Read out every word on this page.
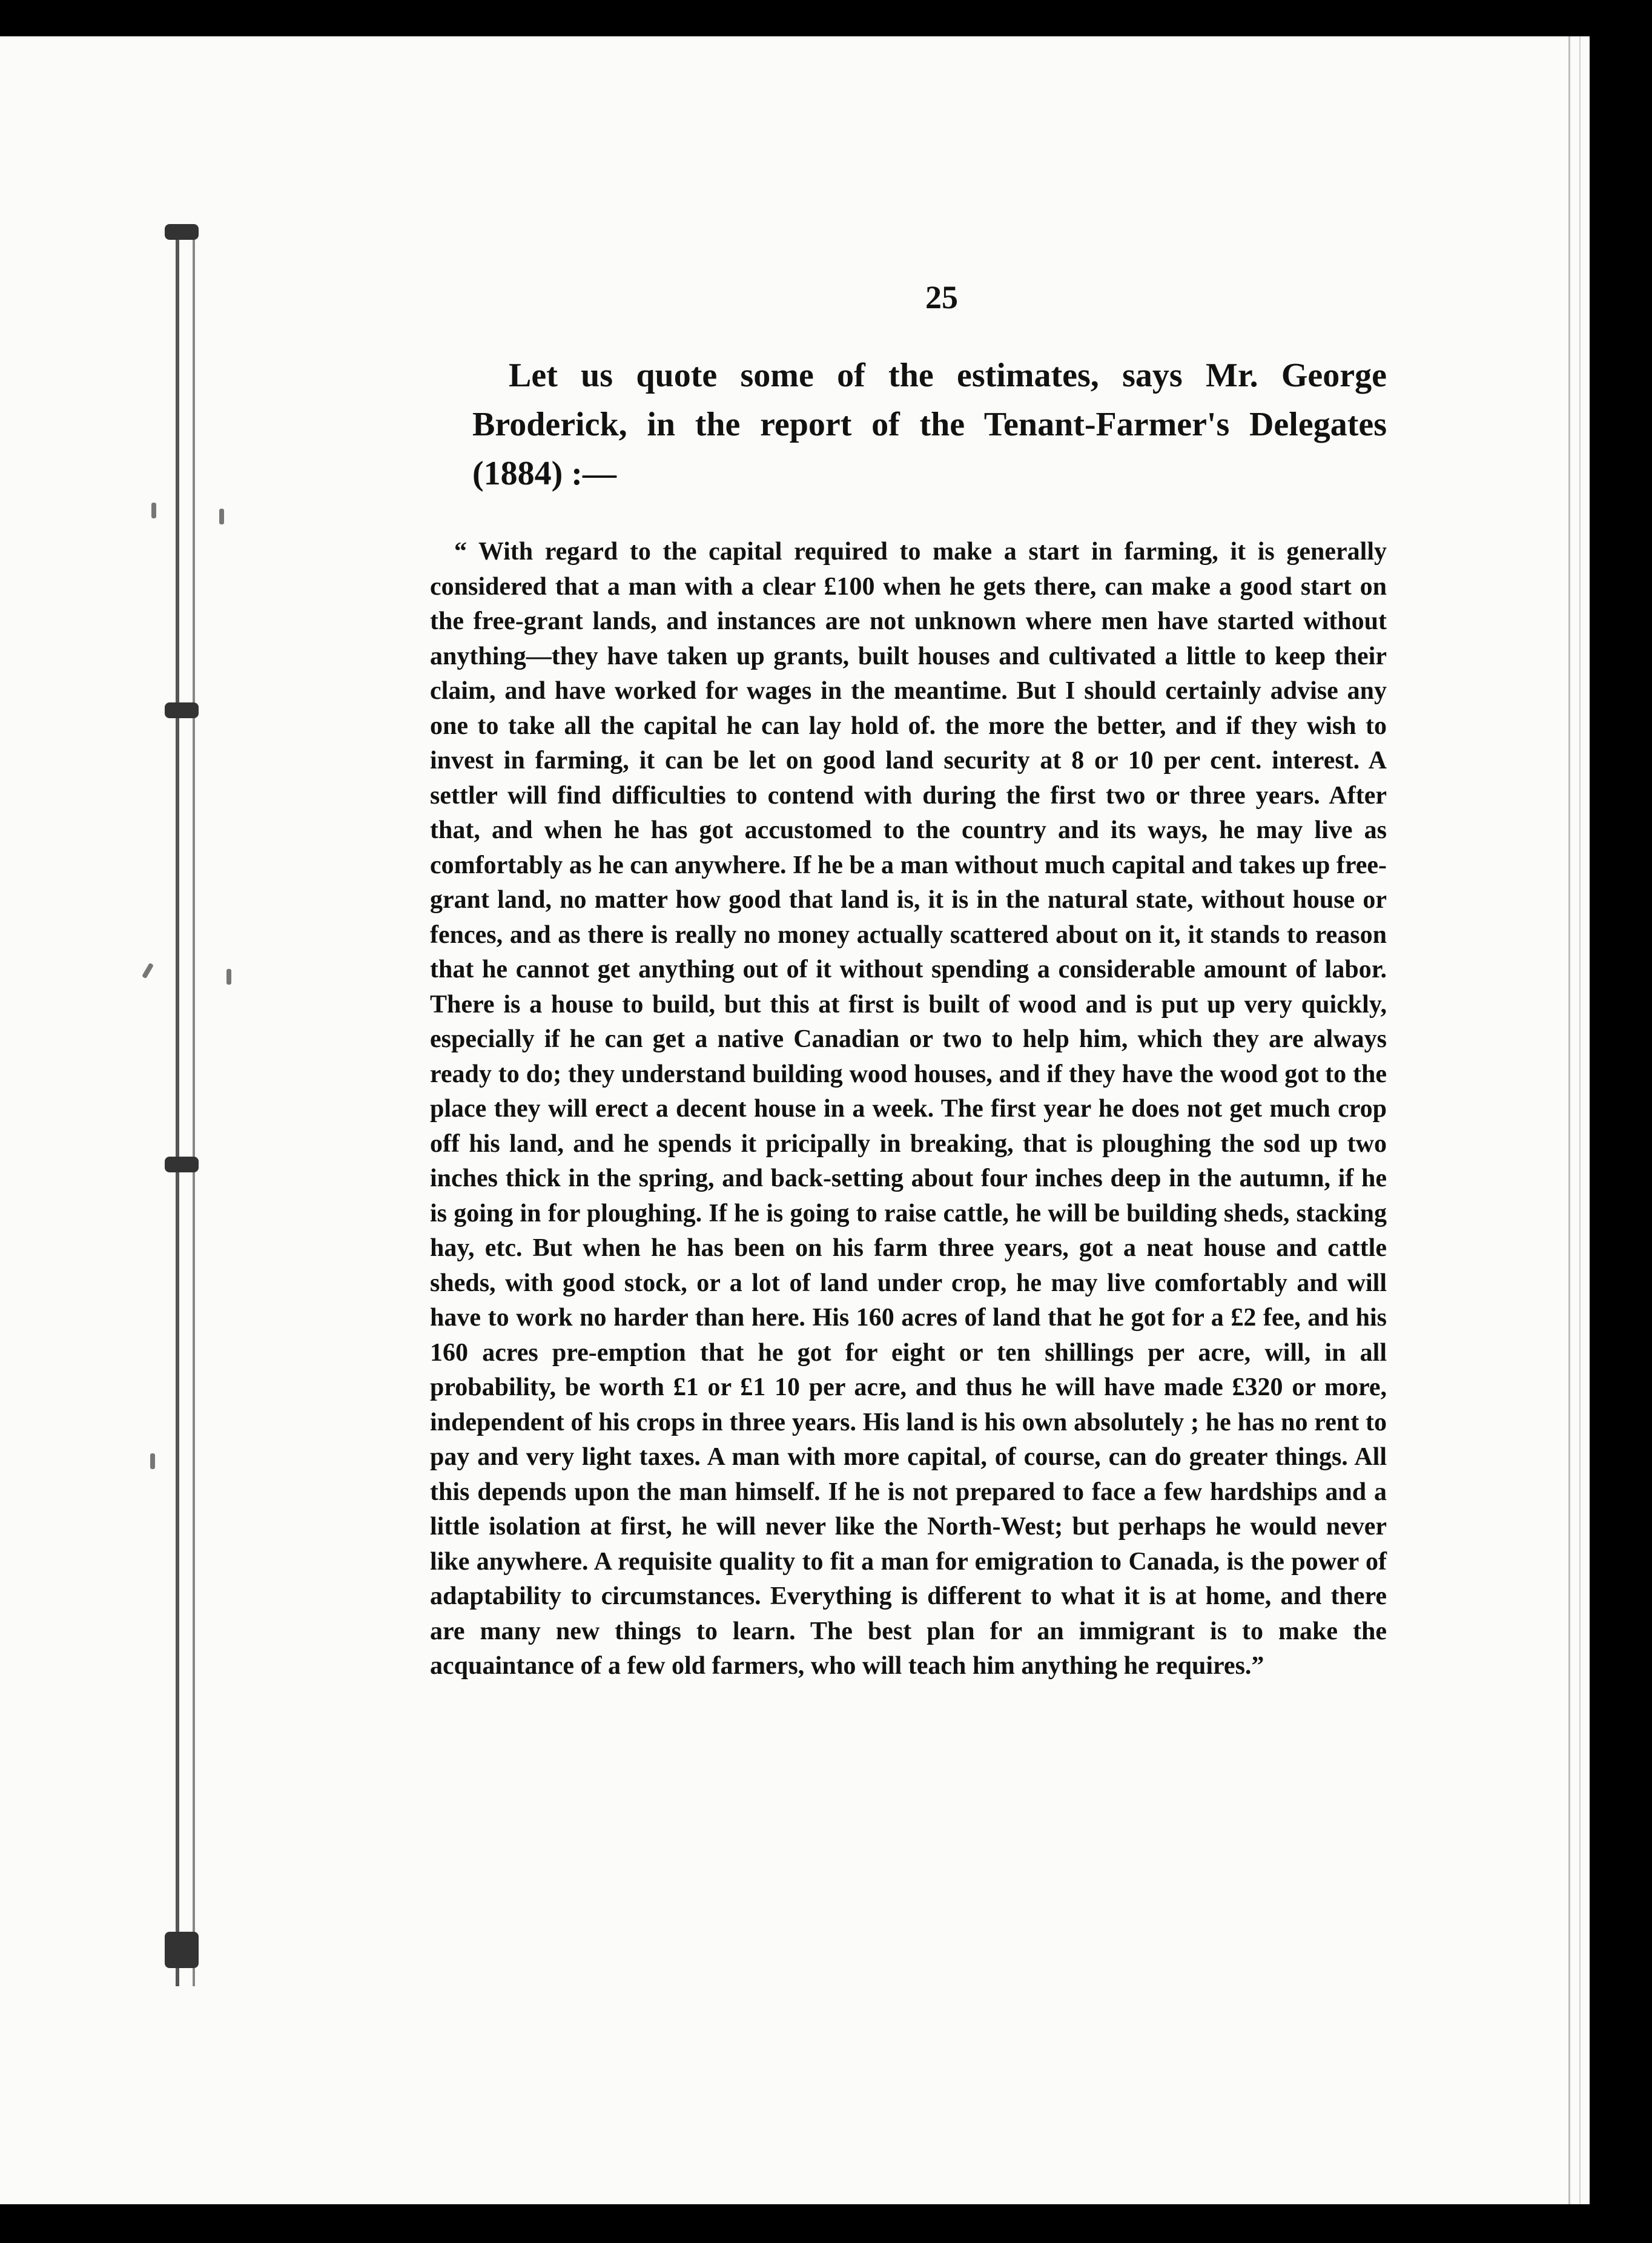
25

Let us quote some of the estimates, says Mr. George Broderick, in the report of the Tenant-Farmer's Delegates (1884) :—

“ With regard to the capital required to make a start in farming, it is generally considered that a man with a clear £100 when he gets there, can make a good start on the free-grant lands, and instances are not unknown where men have started without anything—they have taken up grants, built houses and cultivated a little to keep their claim, and have worked for wages in the meantime. But I should certainly advise any one to take all the capital he can lay hold of. the more the better, and if they wish to invest in farming, it can be let on good land security at 8 or 10 per cent. interest. A settler will find difficulties to contend with during the first two or three years. After that, and when he has got accustomed to the country and its ways, he may live as comfortably as he can anywhere. If he be a man without much capital and takes up free-grant land, no matter how good that land is, it is in the natural state, without house or fences, and as there is really no money actually scattered about on it, it stands to reason that he cannot get anything out of it without spending a considerable amount of labor. There is a house to build, but this at first is built of wood and is put up very quickly, especially if he can get a native Canadian or two to help him, which they are always ready to do; they understand building wood houses, and if they have the wood got to the place they will erect a decent house in a week. The first year he does not get much crop off his land, and he spends it pricipally in breaking, that is ploughing the sod up two inches thick in the spring, and back-setting about four inches deep in the autumn, if he is going in for ploughing. If he is going to raise cattle, he will be building sheds, stacking hay, etc. But when he has been on his farm three years, got a neat house and cattle sheds, with good stock, or a lot of land under crop, he may live comfortably and will have to work no harder than here. His 160 acres of land that he got for a £2 fee, and his 160 acres pre-emption that he got for eight or ten shillings per acre, will, in all probability, be worth £1 or £1 10 per acre, and thus he will have made £320 or more, independent of his crops in three years. His land is his own absolutely ; he has no rent to pay and very light taxes. A man with more capital, of course, can do greater things. All this depends upon the man himself. If he is not prepared to face a few hardships and a little isolation at first, he will never like the North-West; but perhaps he would never like anywhere. A requisite quality to fit a man for emigration to Canada, is the power of adaptability to circumstances. Everything is different to what it is at home, and there are many new things to learn. The best plan for an immigrant is to make the acquaintance of a few old farmers, who will teach him anything he requires.”
